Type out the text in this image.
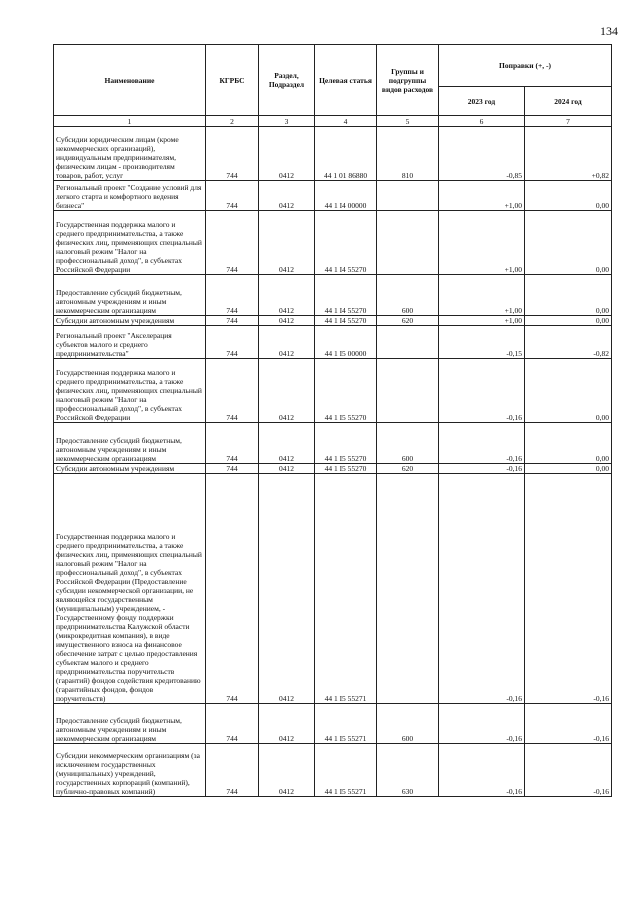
134
Наименование	КГРБС	Раздел, Подраздел	Целевая статья	Группы и подгруппы видов расходов	Поправки (+, -)	
					2023 год	2024 год
1	2	3	4	5	6	7
Субсидии юридическим лицам (кроме некоммерческих организаций), индивидуальным предпринимателям, физическим лицам - производителям товаров, работ, услуг	744	0412	44 1 01 86880	810	-0,85	+0,82
Региональный проект "Создание условий для легкого старта и комфортного ведения бизнеса"	744	0412	44 1 I4 00000		+1,00	0,00
Государственная поддержка малого и среднего предпринимательства, а также физических лиц, применяющих специальный налоговый режим "Налог на профессиональный доход", в субъектах Российской Федерации	744	0412	44 1 I4 55270		+1,00	0,00
Предоставление субсидий бюджетным, автономным учреждениям и иным некоммерческим организациям	744	0412	44 1 I4 55270	600	+1,00	0,00
Субсидии автономным учреждениям	744	0412	44 1 I4 55270	620	+1,00	0,00
Региональный проект "Акселерация субъектов малого и среднего предпринимательства"	744	0412	44 1 I5 00000		-0,15	-0,82
Государственная поддержка малого и среднего предпринимательства, а также физических лиц, применяющих специальный налоговый режим "Налог на профессиональный доход", в субъектах Российской Федерации	744	0412	44 1 I5 55270		-0,16	0,00
Предоставление субсидий бюджетным, автономным учреждениям и иным некоммерческим организациям	744	0412	44 1 I5 55270	600	-0,16	0,00
Субсидии автономным учреждениям	744	0412	44 1 I5 55270	620	-0,16	0,00
Государственная поддержка малого и среднего предпринимательства, а также физических лиц, применяющих специальный налоговый режим "Налог на профессиональный доход", в субъектах Российской Федерации (Предоставление субсидии некоммерческой организации, не являющейся государственным (муниципальным) учреждением, - Государственному фонду поддержки предпринимательства Калужской области (микрокредитная компания), в виде имущественного взноса на финансовое обеспечение затрат с целью предоставления субъектам малого и среднего предпринимательства поручительств (гарантий) фондов содействия кредитованию (гарантийных фондов, фондов поручительств)	744	0412	44 1 I5 55271		-0,16	-0,16
Предоставление субсидий бюджетным, автономным учреждениям и иным некоммерческим организациям	744	0412	44 1 I5 55271	600	-0,16	-0,16
Субсидии некоммерческим организациям (за исключением государственных (муниципальных) учреждений, государственных корпораций (компаний), публично-правовых компаний)	744	0412	44 1 I5 55271	630	-0,16	-0,16
